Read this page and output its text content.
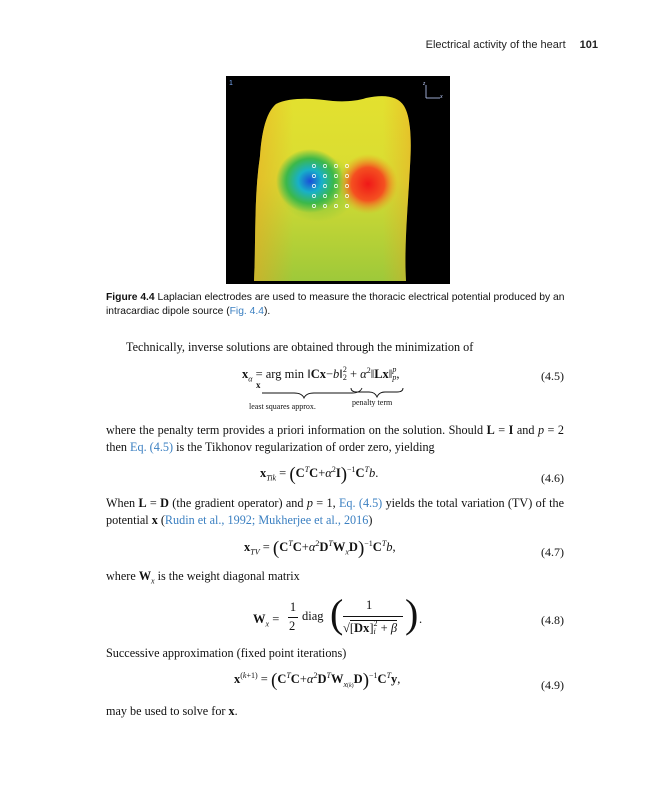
Electrical activity of the heart 101
1	z
x
Figure 4.4 Laplacian electrodes are used to measure the thoracic electrical potential produced by an intracardiac dipole source (Fig. 4.4).
Technically, inverse solutions are obtained through the minimization of
$x_\alpha$ = arg min ‖Cx−b‖2
$2 + \alpha^2‖Lx‖p$
p,
x
least squares approx.	penalty term
(4.5)
where the penalty term provides a priori information on the solution. Should L = I and p = 2 then Eq. (4.5) is the Tikhonov regularization of order zero, yielding
$x_{Tik} = (C^TC+\alpha^2I)^{-1}C^Tb$.	(4.6)
When L = D (the gradient operator) and p = 1, Eq. (4.5) yields the total variation (TV) of the potential x (Rudin et al., 1992; Mukherjee et al., 2016)
$x_{TV} = (C^TC+\alpha^2D^TW_xD)^{-1}C^Tb$,	(4.7)
where $W_x$ is the weight diagonal matrix
$W_x$ =
1
2
diag ( 1
√[Dx]2
i + β ) .	(4.8)
Successive approximation (fixed point iterations)
$x^{(k+1)} = (C^TC+\alpha^2D^TW_{x(k)}D)^{-1}C^Ty$,	(4.9)
may be used to solve for x.
